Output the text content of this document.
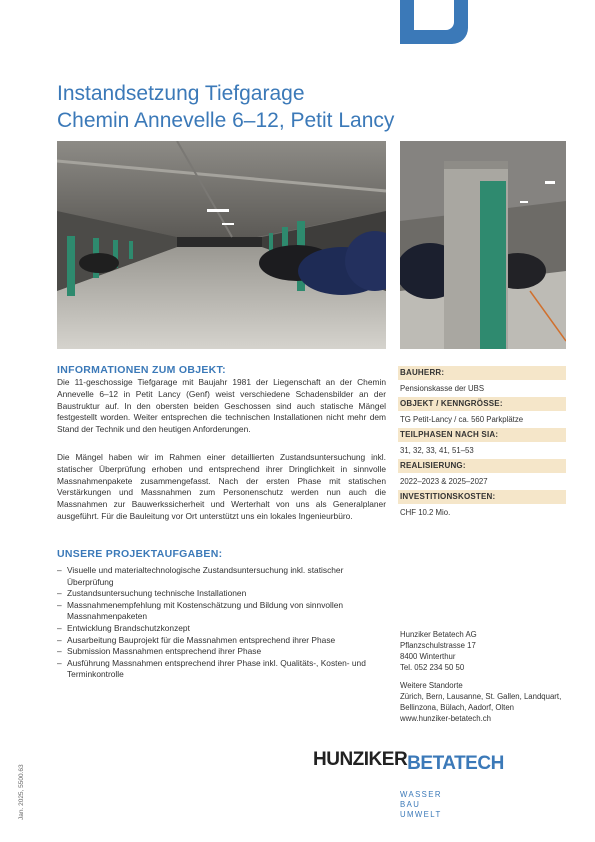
Instandsetzung Tiefgarage
Chemin Annevelle 6–12, Petit Lancy
INFORMATIONEN ZUM OBJEKT:

Die 11-geschossige Tiefgarage mit Baujahr 1981 der Liegenschaft an der Chemin Annevelle 6–12 in Petit Lancy (Genf) weist verschiedene Schadensbilder an der Baustruktur auf. In den obersten beiden Geschossen sind auch statische Mängel festgestellt worden. Weiter entsprechen die technischen Installationen nicht mehr dem Stand der Technik und den heutigen Anforderungen.

Die Mängel haben wir im Rahmen einer detaillierten Zustandsuntersuchung inkl. statischer Überprüfung erhoben und entsprechend ihrer Dringlichkeit in sinnvolle Massnahmenpakete zusammengefasst. Nach der ersten Phase mit statischen Verstärkungen und Massnahmen zum Personenschutz werden nun auch die Massnahmen zur Bauwerkssicherheit und Werterhalt von uns als Generalplaner ausgeführt. Für die Bauleitung vor Ort unterstützt uns ein lokales Ingenieurbüro.

UNSERE PROJEKTAUFGABEN:
– Visuelle und materialtechnologische Zustandsuntersuchung inkl. statischer Überprüfung
– Zustandsuntersuchung technische Installationen
– Massnahmenempfehlung mit Kostenschätzung und Bildung von sinnvollen Massnahmenpaketen
– Entwicklung Brandschutzkonzept
– Ausarbeitung Bauprojekt für die Massnahmen entsprechend ihrer Phase
– Submission Massnahmen entsprechend ihrer Phase
– Ausführung Massnahmen entsprechend ihrer Phase inkl. Qualitäts-, Kosten- und Terminkontrolle
BAUHERR:
Pensionskasse der UBS
OBJEKT / KENNGRÖSSE:
TG Petit-Lancy / ca. 560 Parkplätze
TEILPHASEN NACH SIA:
31, 32, 33, 41, 51–53
REALISIERUNG:
2022–2023 & 2025–2027
INVESTITIONSKOSTEN:
CHF 10.2 Mio.
Hunziker Betatech AG
Pflanzschulstrasse 17
8400 Winterthur
Tel. 052 234 50 50
Weitere Standorte
Zürich, Bern, Lausanne, St. Gallen, Landquart,
Bellinzona, Bülach, Aadorf, Olten
www.hunziker-betatech.ch
HUNZIKER BETATECH
WASSER
BAU
UMWELT
Jan. 2025, 5500.63
